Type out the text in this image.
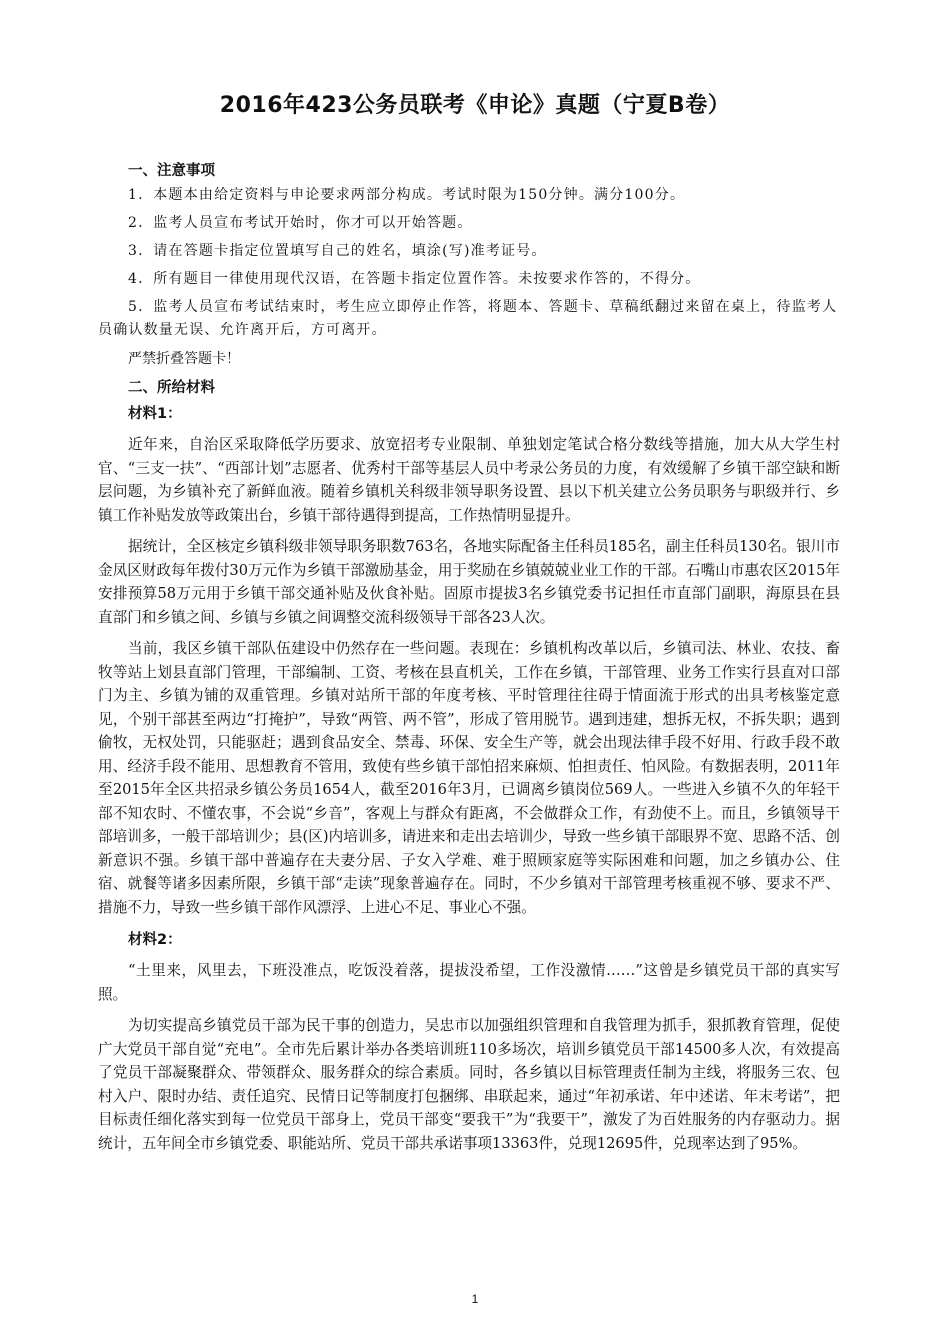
2016年423公务员联考《申论》真题（宁夏B卷）
一、注意事项

1．本题本由给定资料与申论要求两部分构成。考试时限为150分钟。满分100分。

2．监考人员宣布考试开始时，你才可以开始答题。

3．请在答题卡指定位置填写自己的姓名，填涂(写)准考证号。

4．所有题目一律使用现代汉语，在答题卡指定位置作答。未按要求作答的，不得分。

5．监考人员宣布考试结束时，考生应立即停止作答，将题本、答题卡、草稿纸翻过来留在桌上，待监考人员确认数量无误、允许离开后，方可离开。

严禁折叠答题卡！

二、所给材料
材料1：

近年来，自治区采取降低学历要求、放宽招考专业限制、单独划定笔试合格分数线等措施，加大从大学生村官、“三支一扶”、“西部计划”志愿者、优秀村干部等基层人员中考录公务员的力度，有效缓解了乡镇干部空缺和断层问题，为乡镇补充了新鲜血液。随着乡镇机关科级非领导职务设置、县以下机关建立公务员职务与职级并行、乡镇工作补贴发放等政策出台，乡镇干部待遇得到提高，工作热情明显提升。

据统计，全区核定乡镇科级非领导职务职数763名，各地实际配备主任科员185名，副主任科员130名。银川市金凤区财政每年拨付30万元作为乡镇干部激励基金，用于奖励在乡镇兢兢业业工作的干部。石嘴山市惠农区2015年安排预算58万元用于乡镇干部交通补贴及伙食补贴。固原市提拔3名乡镇党委书记担任市直部门副职，海原县在县直部门和乡镇之间、乡镇与乡镇之间调整交流科级领导干部各23人次。

当前，我区乡镇干部队伍建设中仍然存在一些问题。表现在：乡镇机构改革以后，乡镇司法、林业、农技、畜牧等站上划县直部门管理，干部编制、工资、考核在县直机关，工作在乡镇，干部管理、业务工作实行县直对口部门为主、乡镇为铺的双重管理。乡镇对站所干部的年度考核、平时管理往往碍于情面流于形式的出具考核鉴定意见，个别干部甚至两边“打掩护”，导致“两管、两不管”，形成了管用脱节。遇到违建，想拆无权，不拆失职；遇到偷牧，无权处罚，只能驱赶；遇到食品安全、禁毒、环保、安全生产等，就会出现法律手段不好用、行政手段不敢用、经济手段不能用、思想教育不管用，致使有些乡镇干部怕招来麻烦、怕担责任、怕风险。有数据表明，2011年至2015年全区共招录乡镇公务员1654人，截至2016年3月，已调离乡镇岗位569人。一些进入乡镇不久的年轻干部不知农时、不懂农事，不会说“乡音”，客观上与群众有距离，不会做群众工作，有劲使不上。而且，乡镇领导干部培训多，一般干部培训少；县(区)内培训多，请进来和走出去培训少，导致一些乡镇干部眼界不宽、思路不活、创新意识不强。乡镇干部中普遍存在夫妻分居、子女入学难、难于照顾家庭等实际困难和问题，加之乡镇办公、住宿、就餐等诸多因素所限，乡镇干部“走读”现象普遍存在。同时，不少乡镇对干部管理考核重视不够、要求不严、措施不力，导致一些乡镇干部作风漂浮、上进心不足、事业心不强。

材料2：

“土里来，风里去，下班没准点，吃饭没着落，提拔没希望，工作没激情……”这曾是乡镇党员干部的真实写照。

为切实提高乡镇党员干部为民干事的创造力，吴忠市以加强组织管理和自我管理为抓手，狠抓教育管理，促使广大党员干部自觉“充电”。全市先后累计举办各类培训班110多场次，培训乡镇党员干部14500多人次，有效提高了党员干部凝聚群众、带领群众、服务群众的综合素质。同时，各乡镇以目标管理责任制为主线，将服务三农、包村入户、限时办结、责任追究、民情日记等制度打包捆绑、串联起来，通过“年初承诺、年中述诺、年末考诺”，把目标责任细化落实到每一位党员干部身上，党员干部变“要我干”为“我要干”，激发了为百姓服务的内存驱动力。据统计，五年间全市乡镇党委、职能站所、党员干部共承诺事项13363件，兑现12695件，兑现率达到了95%。

1
